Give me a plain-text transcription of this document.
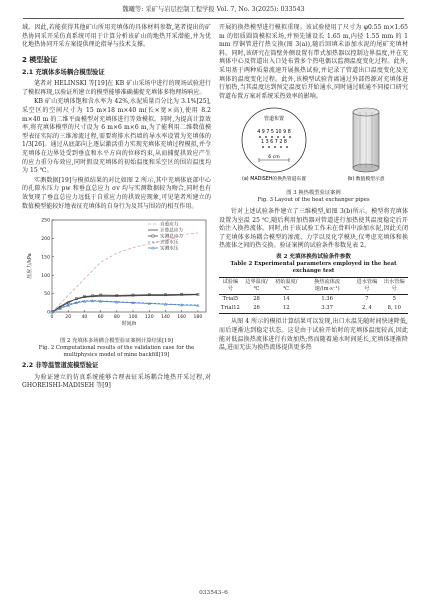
魏曦等: 采矿与岩层控制工程学报 Vol. 7, No. 3(2025): 033543

域。因此,若能获得其他矿山所用充填体的具体材料参数,笔者提出的矿热协同采开采仿真系统可用于计算分析该矿山的地热开采潜能,并为优化地热协同开采方案提供理论指导与技术支撑。

2 模型验证
2.1 充填体多场耦合模型验证

笔者对 HELINSKI 等[19]在 KB 矿山采场中进行的现场试验进行了模拟再现,以验证所建立的模型能够准确捕捉充填体多物理场响应。

KB 矿山充填体饱和含水率为 42%,水泥质量百分比为 3.1%[25],采空区的空间尺寸为 15 m×18 m×40 m(长×宽×高),使用 8.2 m×40 m 的二维平面模型对充填体进行等效模拟。同时,为提高计算效率,将充填体模型的尺寸设为 6 m×6 m×6 m,为了能利用二维数值模型表征实际的三维渗流过程,需要将排水挡墙的导水率设置为充填体的 1/3[26]。通过从底部向上逐层激活重力实现充填体充填过程模拟,并令充填体在边界处受到垂直和水平方向的位移约束,从而捕捉拱效应产生的应力重分布效应,同时假设充填体的初始温度和采空区的围岩温度均为 15 ℃。

实测数据[19]与模拟结果的对比如图 2 所示,其中充填体底部中心的孔隙水压力 pw 和垂直总应力 σv 均与实测数据较为吻合,同时也有效复现了垂直总应力远低于自重应力的拱效应现象,可见笔者所建立的数值模型能较好地表征充填体的自身行为及其与围岩的相互作用。

0	20 40 60 80 100 120 140 160 180
0
50
100
150
200
250
时间/h
压应力/kPa
自重应力
计算总应力
实测总应力
计算水压
实测水压
图 2 充填体多场耦合模型验证案例计算结果[19]
Fig. 2 Computational results of the validation case for the multiphysics model of mine backfill[19]
2.2 非等温管道流模型验证

为验证建立的仿真系统能够合理表征采场耦合地热开采过程,对 GHOREISHI-MADISEH 等[9]

开展的换热模型进行模拟重现。该试验使用了尺寸为 φ0.55 m×1.65 m 的铝质圆筒模拟采场,并预先铺设长 1.65 m,内径 1.55 mm 的 1 mm 厚铜管进行热交换(图 3(a)),随后回填未添加水泥的尾矿充填材料。同时,该研究在筒壁外侧设置有带式加热器以控制边界温度,并在充填体中心及管道出入口处布置多个热电偶以监测温度变化过程。此外,采用基于两种质量流速开展换热试验,并记录了管道出口温度变化及充填体的温度变化过程。此外,该模型试验背离通过外部热源对充填体进行加热,当其温度达到预定温度后开始通水,同时通过联通不同接口研究管道布置方案对系统采热效率的影响。

管道布置
4 9 7 5 10 9 8
1 3 6 7 2 8
6 cm
(a) MADISEH的换热管道布置	(b) 数值模型示意
图 3 换热模型验证案例
Fig. 3 Layout of the heat exchanger pipes

针对上述试验条件建立了三维模型,如图 3(b)所示。模型将充填体设置为室温 25 ℃,随后利用加热器对管道进行加热使其温度稳定后开始注入换热流体。同时,由于该试验工作未在骨料中添加水泥,因此关闭了充填体多场耦合模型的渗流、力学以及化学模块,仅考虑充填体和换热流体之间的热交换。验证案例的试验条件参数见表 2。

表 2 充填体换热试验条件参数
Table 2 Experimental parameters employed in the heat exchange test
试验编号	边界温度/℃	初始温度/℃	换热流体流速/(m·s⁻¹)	进水管编号	出水管编号
Trial5	28	14	1.36	7	5
Trial12	26	12	3.37	2, 4	8, 10

从图 4 所示的模拟计算结果可以发现,出口水温先随时间快速降低,而后逐渐达到稳定状态。这是由于试验开始时的充填体温度较高,因此能对低温换热流体进行有效加热;然而随着通水时间延长,充填体逐渐降温,进而无法为换热流体提供更多热

033543–6
